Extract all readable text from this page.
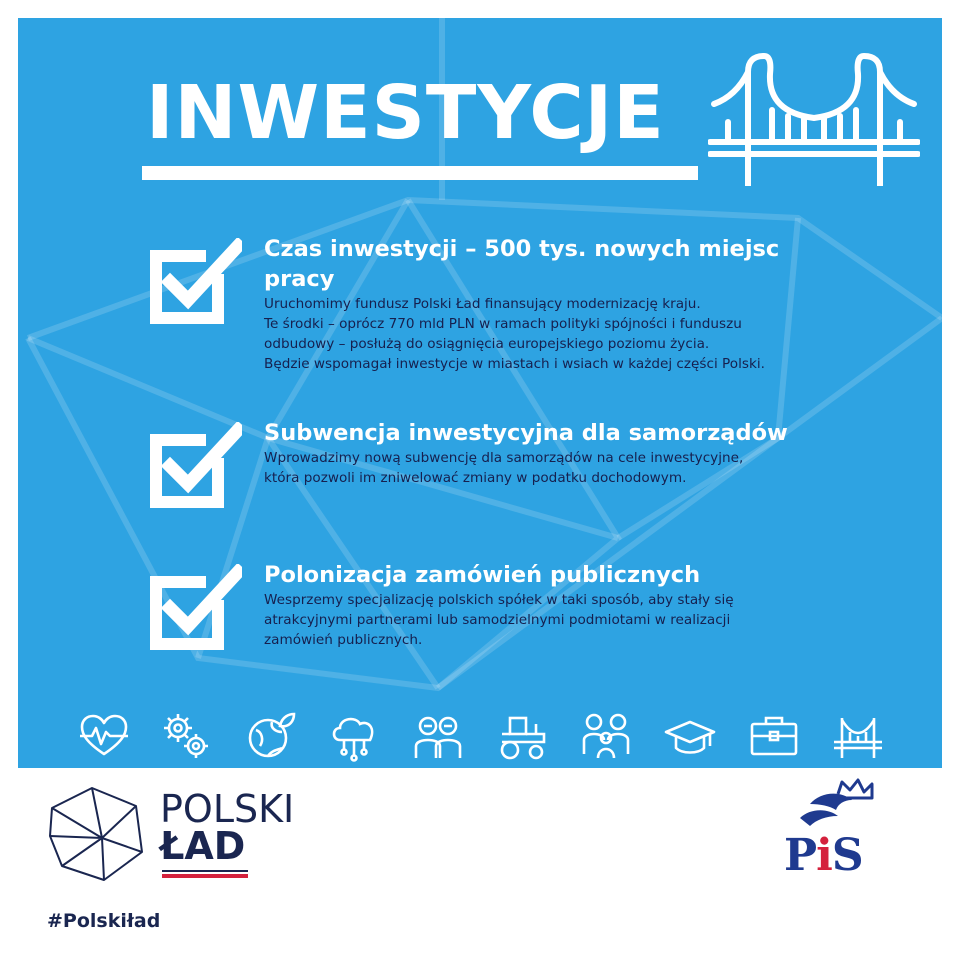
INWESTYCJE
Czas inwestycji – 500 tys. nowych miejsc
pracy
Uruchomimy fundusz Polski Ład finansujący modernizację kraju.
Te środki – oprócz 770 mld PLN w ramach polityki spójności i funduszu
odbudowy – posłużą do osiągnięcia europejskiego poziomu życia.
Będzie wspomagał inwestycje w miastach i wsiach w każdej części Polski.
Subwencja inwestycyjna dla samorządów
Wprowadzimy nową subwencję dla samorządów na cele inwestycyjne,
która pozwoli im zniwelować zmiany w podatku dochodowym.
Polonizacja zamówień publicznych
Wesprzemy specjalizację polskich spółek w taki sposób, aby stały się
atrakcyjnymi partnerami lub samodzielnymi podmiotami w realizacji
zamówień publicznych.
POLSKI
ŁAD
#Polskiład
PiS
